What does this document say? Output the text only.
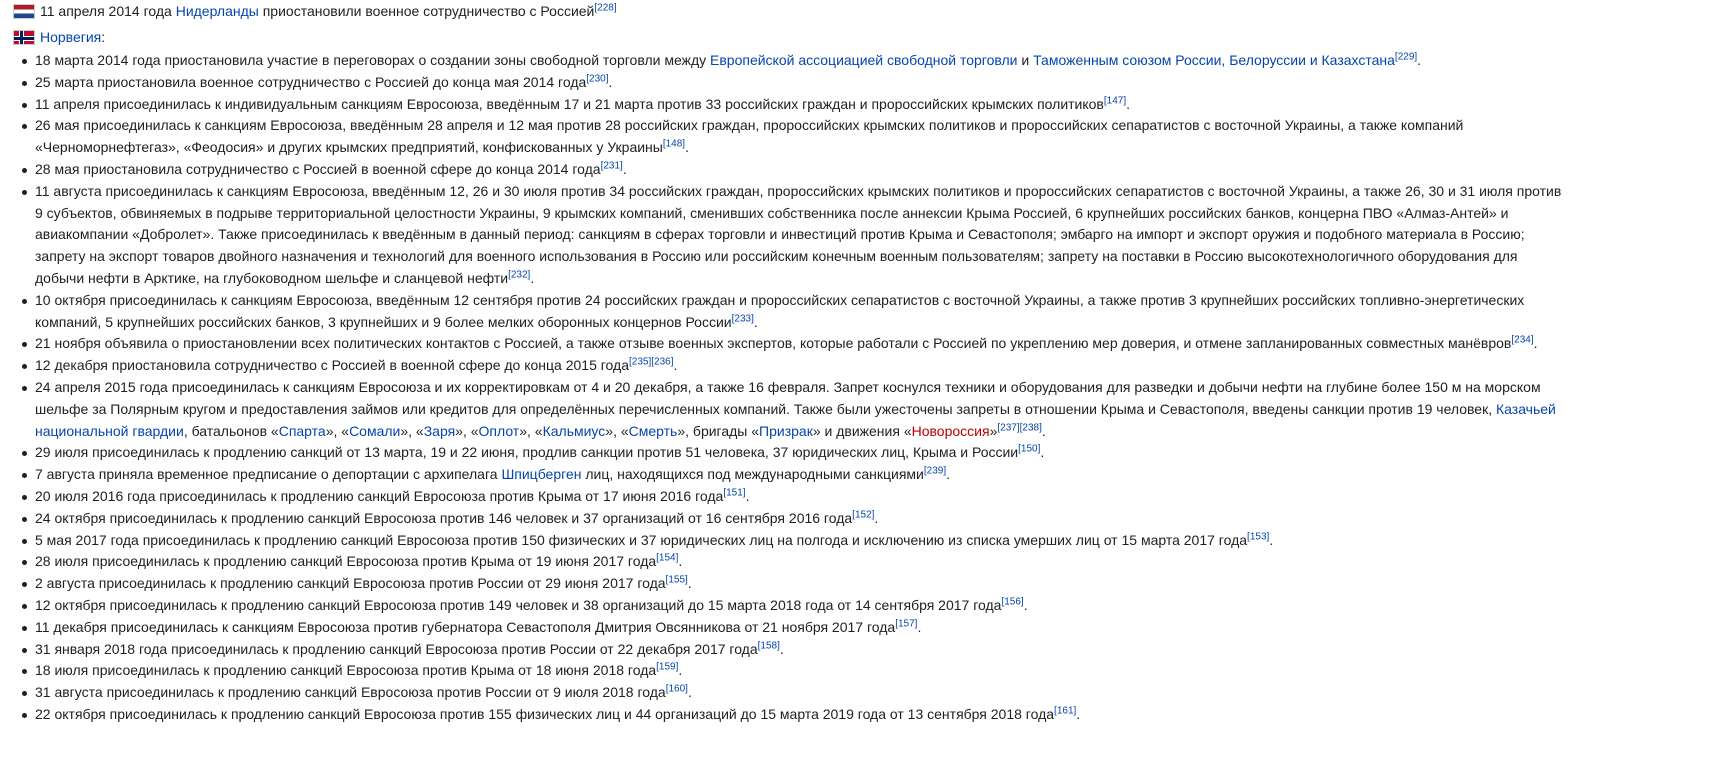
11 апреля 2014 года Нидерланды приостановили военное сотрудничество с Россией[228]
Норвегия :
18 марта 2014 года приостановила участие в переговорах о создании зоны свободной торговли между Европейской ассоциацией свободной торговли и Таможенным союзом России, Белоруссии и Казахстана[229].
25 марта приостановила военное сотрудничество с Россией до конца мая 2014 года[230].
11 апреля присоединилась к индивидуальным санкциям Евросоюза, введённым 17 и 21 марта против 33 российских граждан и пророссийских крымских политиков[147].
26 мая присоединилась к санкциям Евросоюза, введённым 28 апреля и 12 мая против 28 российских граждан, пророссийских крымских политиков и пророссийских сепаратистов с восточной Украины, а также компаний «Черноморнефтегаз», «Феодосия» и других крымских предприятий, конфискованных у Украины[148].
28 мая приостановила сотрудничество с Россией в военной сфере до конца 2014 года[231].
11 августа присоединилась к санкциям Евросоюза, введённым 12, 26 и 30 июля против 34 российских граждан, пророссийских крымских политиков и пророссийских сепаратистов с восточной Украины, а также 26, 30 и 31 июля против 9 субъектов, обвиняемых в подрыве территориальной целостности Украины, 9 крымских компаний, сменивших собственника после аннексии Крыма Россией, 6 крупнейших российских банков, концерна ПВО «Алмаз-Антей» и авиакомпании «Добролет». Также присоединилась к введённым в данный период: санкциям в сферах торговли и инвестиций против Крыма и Севастополя; эмбарго на импорт и экспорт оружия и подобного материала в Россию; запрету на экспорт товаров двойного назначения и технологий для военного использования в Россию или российским конечным военным пользователям; запрету на поставки в Россию высокотехнологичного оборудования для добычи нефти в Арктике, на глубоководном шельфе и сланцевой нефти[232].
10 октября присоединилась к санкциям Евросоюза, введённым 12 сентября против 24 российских граждан и пророссийских сепаратистов с восточной Украины, а также против 3 крупнейших российских топливно-энергетических компаний, 5 крупнейших российских банков, 3 крупнейших и 9 более мелких оборонных концернов России[233].
21 ноября объявила о приостановлении всех политических контактов с Россией, а также отзыве военных экспертов, которые работали с Россией по укреплению мер доверия, и отмене запланированных совместных манёвров[234].
12 декабря приостановила сотрудничество с Россией в военной сфере до конца 2015 года[235][236].
24 апреля 2015 года присоединилась к санкциям Евросоюза и их корректировкам от 4 и 20 декабря, а также 16 февраля. Запрет коснулся техники и оборудования для разведки и добычи нефти на глубине более 150 м на морском шельфе за Полярным кругом и предоставления займов или кредитов для определённых перечисленных компаний. Также были ужесточены запреты в отношении Крыма и Севастополя, введены санкции против 19 человек, Казачьей национальной гвардии, батальонов «Спарта», «Сомали», «Заря», «Оплот», «Кальмиус», «Смерть», бригады «Призрак» и движения «Новороссия»[237][238].
29 июля присоединилась к продлению санкций от 13 марта, 19 и 22 июня, продлив санкции против 51 человека, 37 юридических лиц, Крыма и России[150].
7 августа приняла временное предписание о депортации с архипелага Шпицберген лиц, находящихся под международными санкциями[239].
20 июля 2016 года присоединилась к продлению санкций Евросоюза против Крыма от 17 июня 2016 года[151].
24 октября присоединилась к продлению санкций Евросоюза против 146 человек и 37 организаций от 16 сентября 2016 года[152].
5 мая 2017 года присоединилась к продлению санкций Евросоюза против 150 физических и 37 юридических лиц на полгода и исключению из списка умерших лиц от 15 марта 2017 года[153].
28 июля присоединилась к продлению санкций Евросоюза против Крыма от 19 июня 2017 года[154].
2 августа присоединилась к продлению санкций Евросоюза против России от 29 июня 2017 года[155].
12 октября присоединилась к продлению санкций Евросоюза против 149 человек и 38 организаций до 15 марта 2018 года от 14 сентября 2017 года[156].
11 декабря присоединилась к санкциям Евросоюза против губернатора Севастополя Дмитрия Овсянникова от 21 ноября 2017 года[157].
31 января 2018 года присоединилась к продлению санкций Евросоюза против России от 22 декабря 2017 года[158].
18 июля присоединилась к продлению санкций Евросоюза против Крыма от 18 июня 2018 года[159].
31 августа присоединилась к продлению санкций Евросоюза против России от 9 июля 2018 года[160].
22 октября присоединилась к продлению санкций Евросоюза против 155 физических лиц и 44 организаций до 15 марта 2019 года от 13 сентября 2018 года[161].
